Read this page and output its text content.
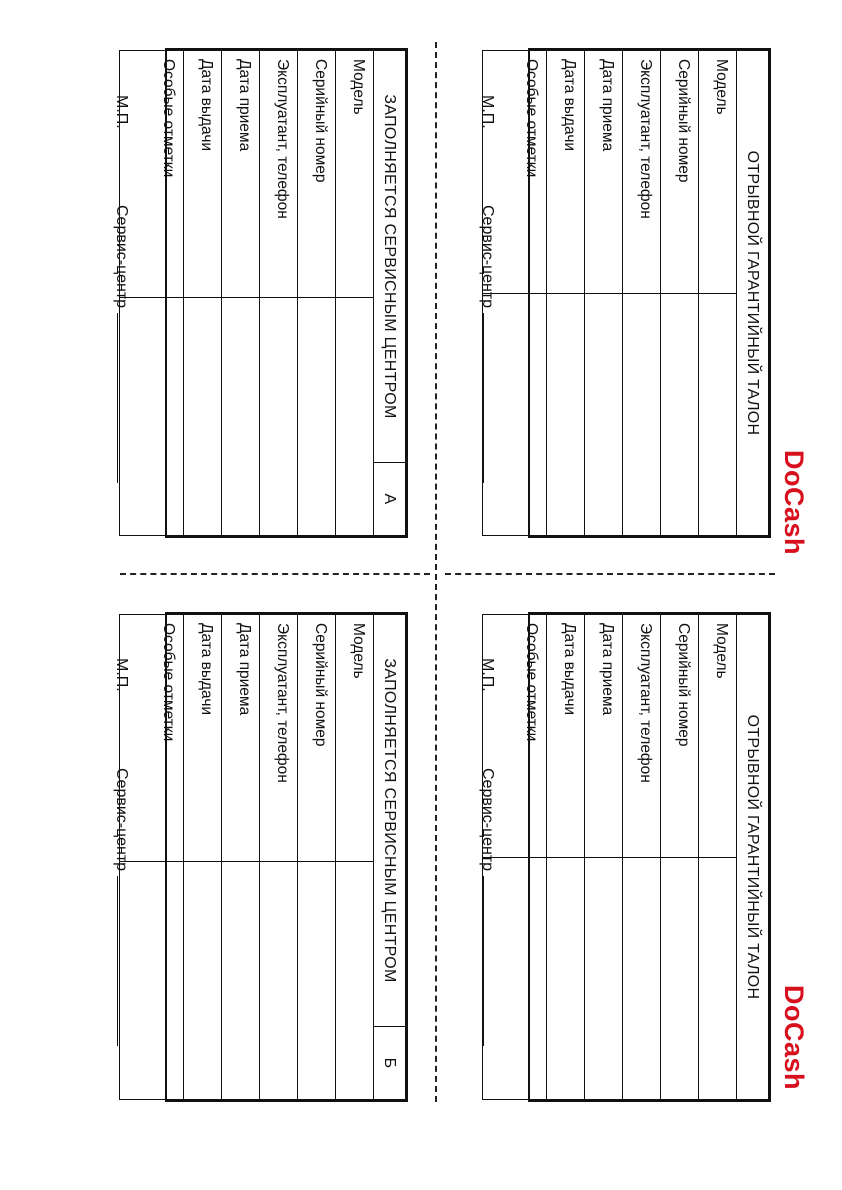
DoCash
ОТРЫВНОЙ ГАРАНТИЙНЫЙ ТАЛОН	
Модель	
Серийный номер	
Эксплуатант, телефон	
Дата приема	
Дата выдачи	
Особые отметки	
М.П.
Сервис-центр
ЗАПОЛНЯЕТСЯ СЕРВИСНЫМ ЦЕНТРОМ	А
Модель	
Серийный номер	
Эксплуатант, телефон	
Дата приема	
Дата выдачи	
Особые отметки	
М.П.
Сервис-центр
DoCash
ОТРЫВНОЙ ГАРАНТИЙНЫЙ ТАЛОН	
Модель	
Серийный номер	
Эксплуатант, телефон	
Дата приема	
Дата выдачи	
Особые отметки	
М.П.
Сервис-центр
ЗАПОЛНЯЕТСЯ СЕРВИСНЫМ ЦЕНТРОМ	Б
Модель	
Серийный номер	
Эксплуатант, телефон	
Дата приема	
Дата выдачи	
Особые отметки	
М.П.
Сервис-центр
